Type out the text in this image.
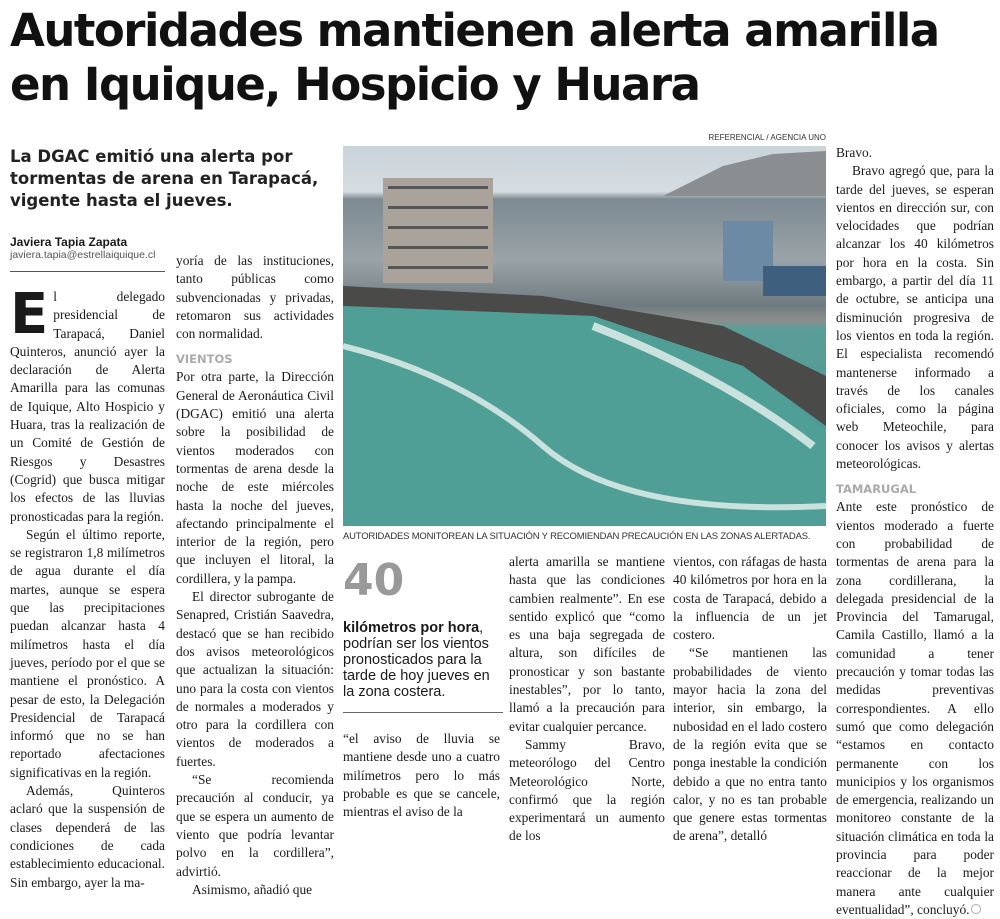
Autoridades mantienen alerta amarilla en Iquique, Hospicio y Huara

La DGAC emitió una alerta por tormentas de arena en Tarapacá, vigente hasta el jueves.

Javiera Tapia Zapata
javiera.tapia@estrellaiquique.cl
E l delegado presidencial de Tarapacá, Daniel Quinteros, anunció ayer la declaración de Alerta Amarilla para las comunas de Iquique, Alto Hospicio y Huara, tras la realización de un Comité de Gestión de Riesgos y Desastres (Cogrid) que busca mitigar los efectos de las lluvias pronosticadas para la región.

Según el último reporte, se registraron 1,8 milímetros de agua durante el día martes, aunque se espera que las precipitaciones puedan alcanzar hasta 4 milímetros hasta el día jueves, período por el que se mantiene el pronóstico. A pesar de esto, la Delegación Presidencial de Tarapacá informó que no se han reportado afectaciones significativas en la región.

Además, Quinteros aclaró que la suspensión de clases dependerá de las condiciones de cada establecimiento educacional. Sin embargo, ayer la ma-

yoría de las instituciones, tanto públicas como subvencionadas y privadas, retomaron sus actividades con normalidad.

VIENTOS

Por otra parte, la Dirección General de Aeronáutica Civil (DGAC) emitió una alerta sobre la posibilidad de vientos moderados con tormentas de arena desde la noche de este miércoles hasta la noche del jueves, afectando principalmente el interior de la región, pero que incluyen el litoral, la cordillera, y la pampa.

El director subrogante de Senapred, Cristián Saavedra, destacó que se han recibido dos avisos meteorológicos que actualizan la situación: uno para la costa con vientos de normales a moderados y otro para la cordillera con vientos de moderados a fuertes.

“Se recomienda precaución al conducir, ya que se espera un aumento de viento que podría levantar polvo en la cordillera”, advirtió.

Asimismo, añadió que

REFERENCIAL / AGENCIA UNO
AUTORIDADES MONITOREAN LA SITUACIÓN Y RECOMIENDAN PRECAUCIÓN EN LAS ZONAS ALERTADAS.
40
kilómetros por hora, podrían ser los vientos pronosticados para la tarde de hoy jueves en la zona costera.

“el aviso de lluvia se mantiene desde uno a cuatro milímetros pero lo más probable es que se cancele, mientras el aviso de la

alerta amarilla se mantiene hasta que las condiciones cambien realmente”. En ese sentido explicó que “como es una baja segregada de altura, son difíciles de pronosticar y son bastante inestables”, por lo tanto, llamó a la precaución para evitar cualquier percance.

Sammy Bravo, meteorólogo del Centro Meteorológico Norte, confirmó que la región experimentará un aumento de los

vientos, con ráfagas de hasta 40 kilómetros por hora en la costa de Tarapacá, debido a la influencia de un jet costero.

“Se mantienen las probabilidades de viento mayor hacia la zona del interior, sin embargo, la nubosidad en el lado costero de la región evita que se ponga inestable la condición debido a que no entra tanto calor, y no es tan probable que genere estas tormentas de arena”, detalló

Bravo.

Bravo agregó que, para la tarde del jueves, se esperan vientos en dirección sur, con velocidades que podrían alcanzar los 40 kilómetros por hora en la costa. Sin embargo, a partir del día 11 de octubre, se anticipa una disminución progresiva de los vientos en toda la región. El especialista recomendó mantenerse informado a través de los canales oficiales, como la página web Meteochile, para conocer los avisos y alertas meteorológicas.

TAMARUGAL

Ante este pronóstico de vientos moderado a fuerte con probabilidad de tormentas de arena para la zona cordillerana, la delegada presidencial de la Provincia del Tamarugal, Camila Castillo, llamó a la comunidad a tener precaución y tomar todas las medidas preventivas correspondientes. A ello sumó que como delegación “estamos en contacto permanente con los municipios y los organismos de emergencia, realizando un monitoreo constante de la situación climática en toda la provincia para poder reaccionar de la mejor manera ante cualquier eventualidad”, concluyó.
